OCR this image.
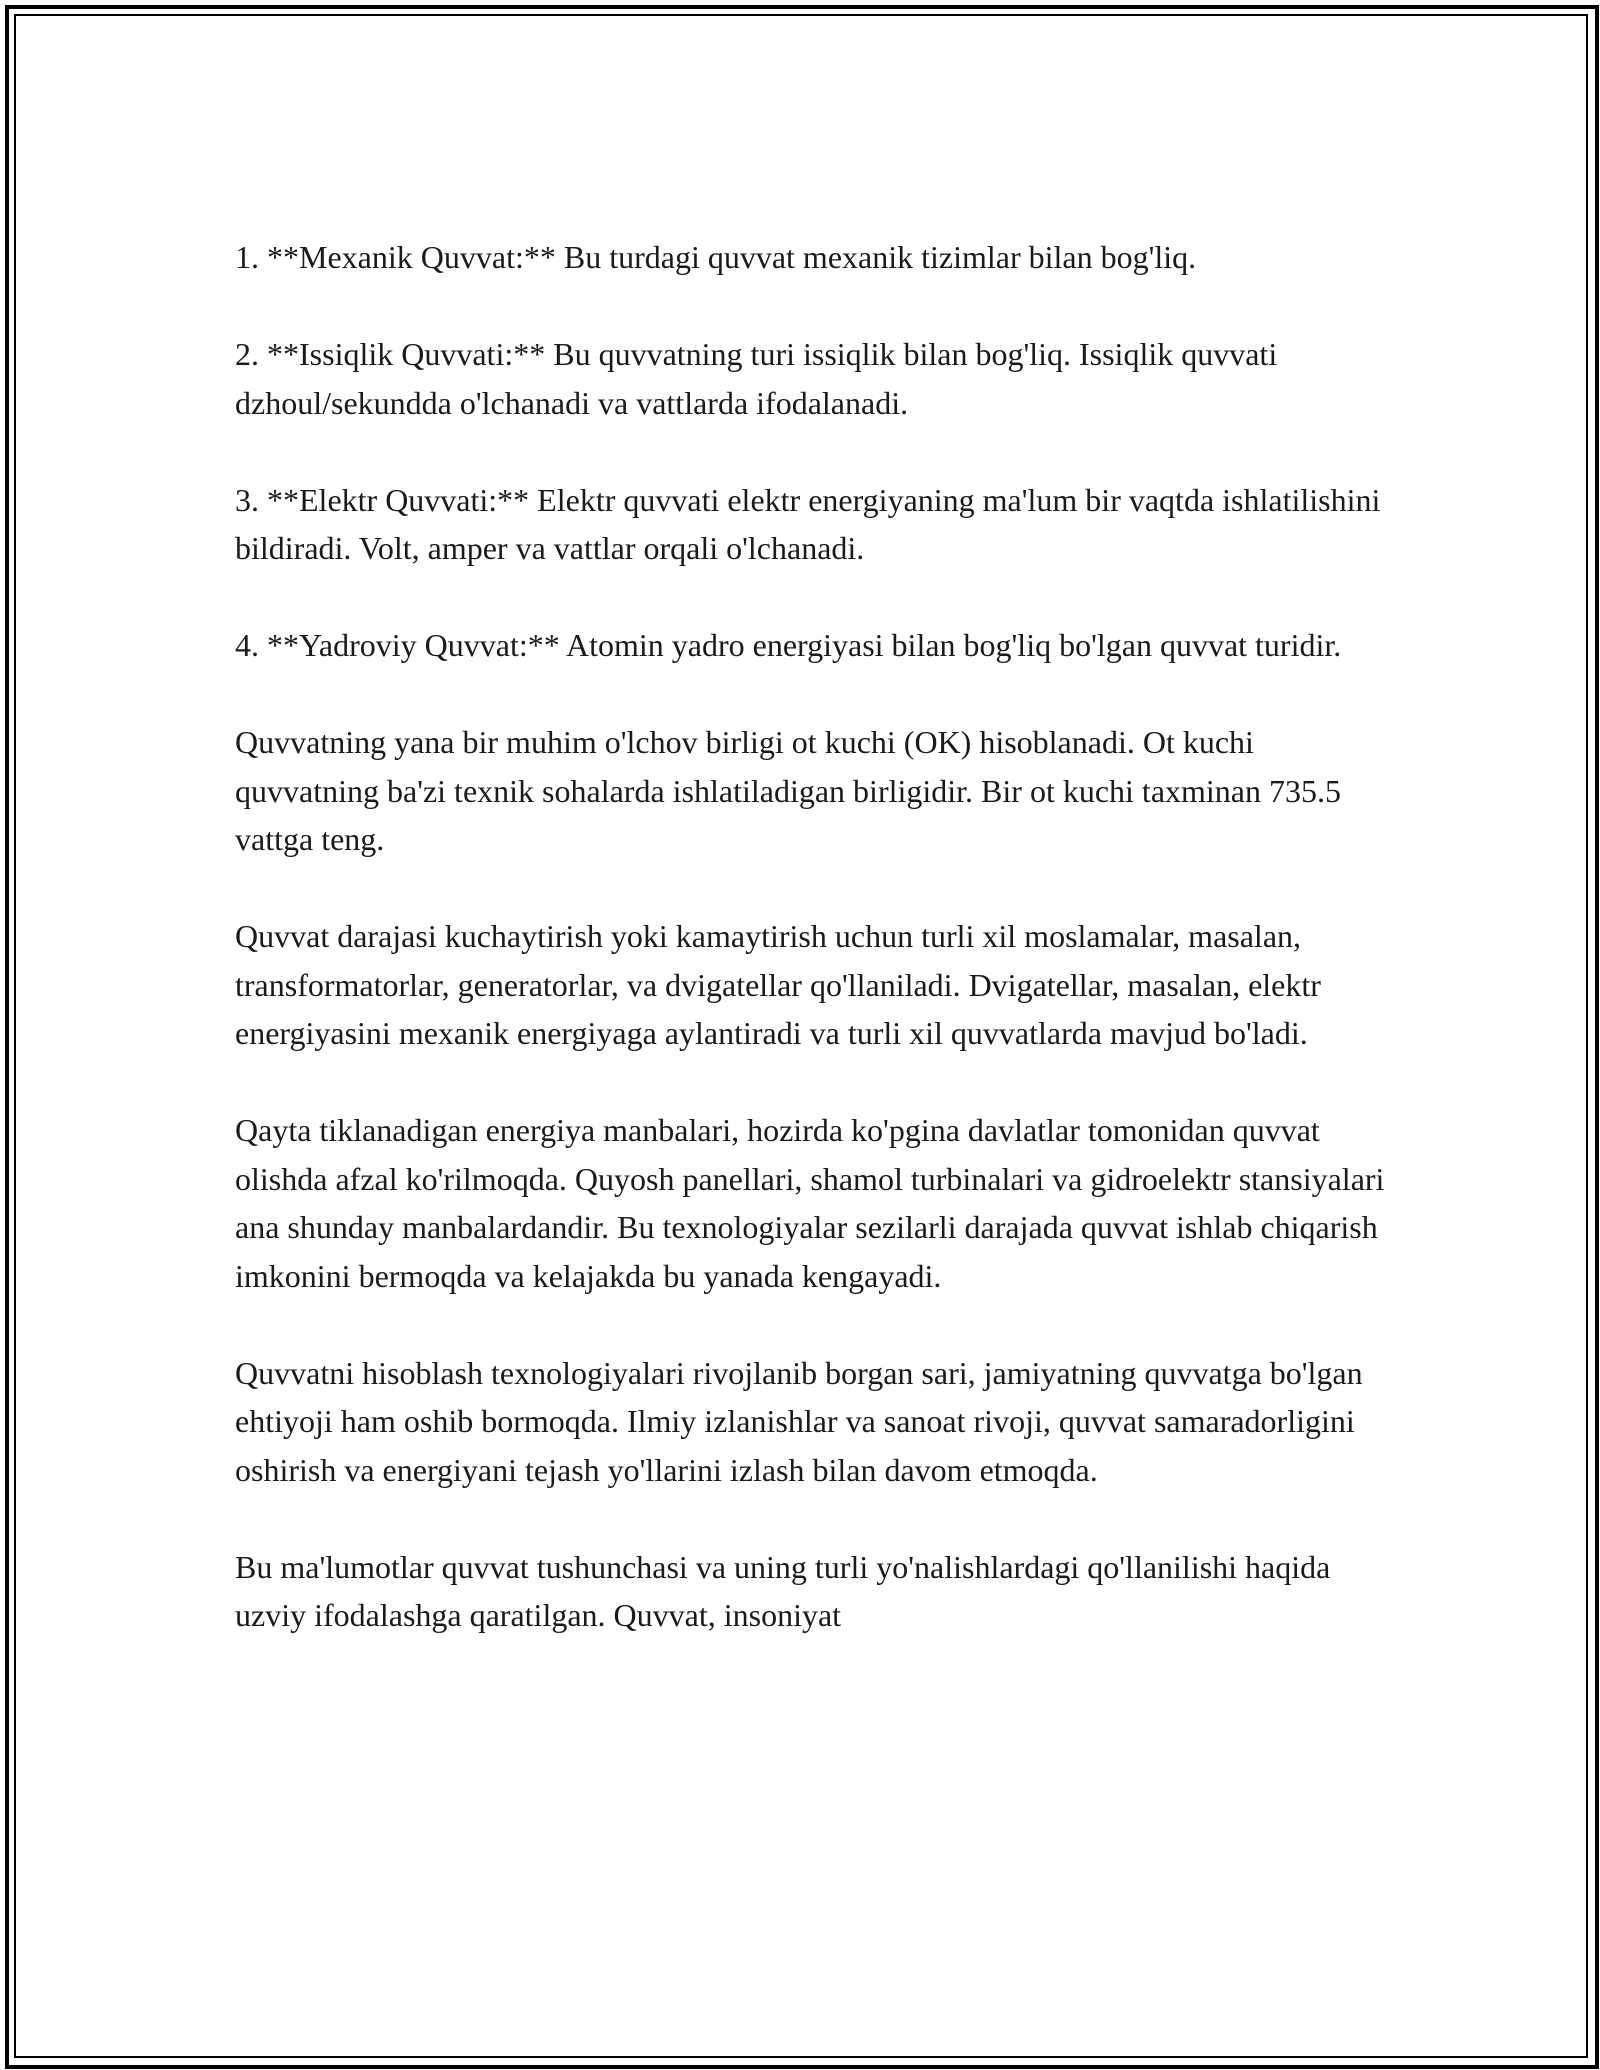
1. **Mexanik Quvvat:** Bu turdagi quvvat mexanik tizimlar bilan bog'liq.

2. **Issiqlik Quvvati:** Bu quvvatning turi issiqlik bilan bog'liq. Issiqlik quvvati dzhoul/sekundda o'lchanadi va vattlarda ifodalanadi.

3. **Elektr Quvvati:** Elektr quvvati elektr energiyaning ma'lum bir vaqtda ishlatilishini bildiradi. Volt, amper va vattlar orqali o'lchanadi.

4. **Yadroviy Quvvat:** Atomin yadro energiyasi bilan bog'liq bo'lgan quvvat turidir.

Quvvatning yana bir muhim o'lchov birligi ot kuchi (OK) hisoblanadi. Ot kuchi quvvatning ba'zi texnik sohalarda ishlatiladigan birligidir. Bir ot kuchi taxminan 735.5 vattga teng.

Quvvat darajasi kuchaytirish yoki kamaytirish uchun turli xil moslamalar, masalan, transformatorlar, generatorlar, va dvigatellar qo'llaniladi. Dvigatellar, masalan, elektr energiyasini mexanik energiyaga aylantiradi va turli xil quvvatlarda mavjud bo'ladi.

Qayta tiklanadigan energiya manbalari, hozirda ko'pgina davlatlar tomonidan quvvat olishda afzal ko'rilmoqda. Quyosh panellari, shamol turbinalari va gidroelektr stansiyalari ana shunday manbalardandir. Bu texnologiyalar sezilarli darajada quvvat ishlab chiqarish imkonini bermoqda va kelajakda bu yanada kengayadi.

Quvvatni hisoblash texnologiyalari rivojlanib borgan sari, jamiyatning quvvatga bo'lgan ehtiyoji ham oshib bormoqda. Ilmiy izlanishlar va sanoat rivoji, quvvat samaradorligini oshirish va energiyani tejash yo'llarini izlash bilan davom etmoqda.

Bu ma'lumotlar quvvat tushunchasi va uning turli yo'nalishlardagi qo'llanilishi haqida uzviy ifodalashga qaratilgan. Quvvat, insoniyat
